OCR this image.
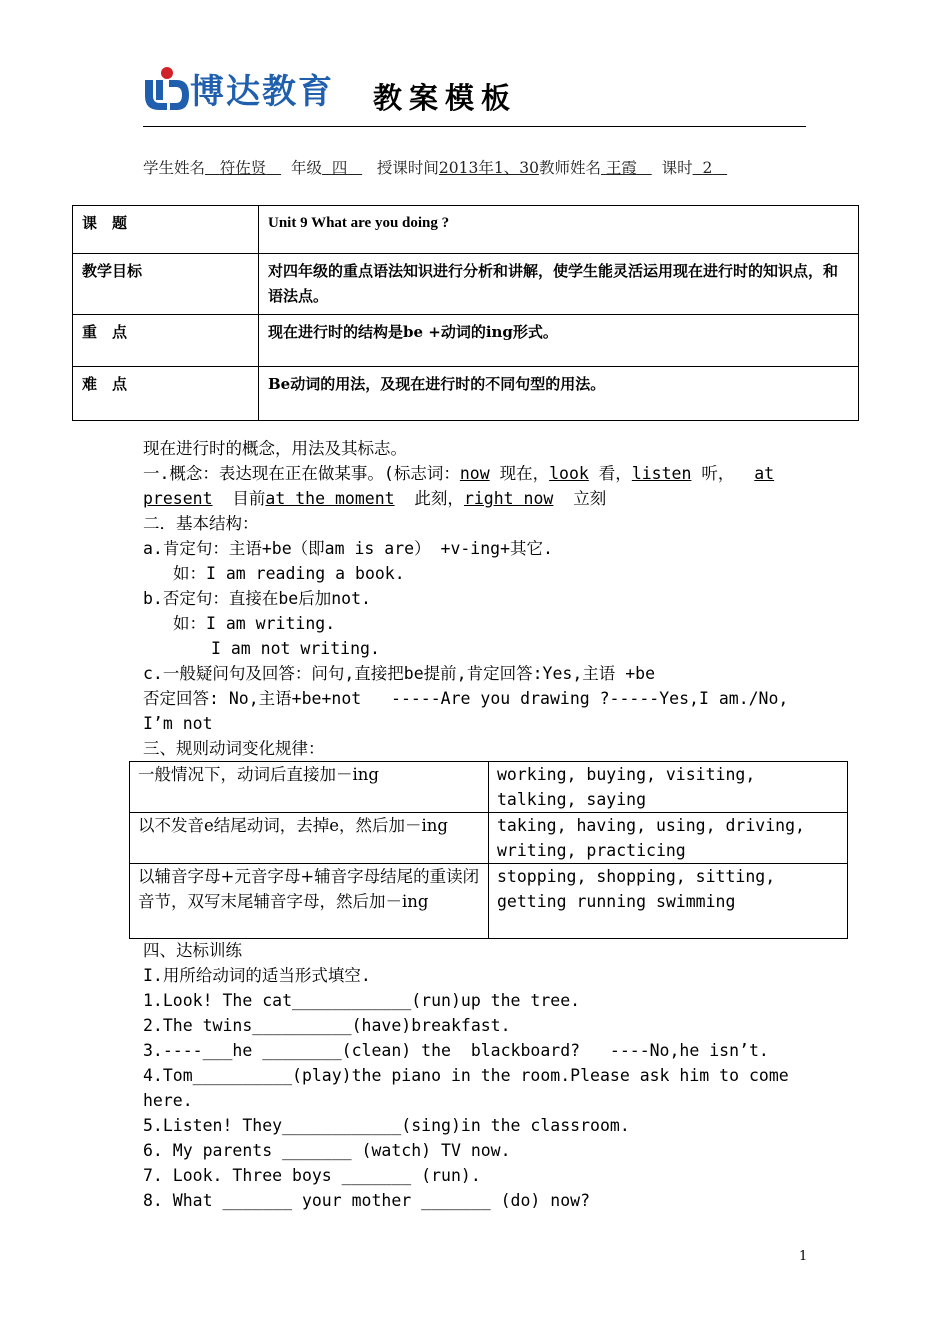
博达教育 教案模板
学生姓名 符佐贤 年级 四 授课时间2013年1、30教师姓名 王霞 课时 2
课　题	Unit 9 What are you doing ?
教学目标	对四年级的重点语法知识进行分析和讲解，使学生能灵活运用现在进行时的知识点，和语法点。
重　点	现在进行时的结构是be +动词的ing形式。
难　点	Be动词的用法，及现在进行时的不同句型的用法。
现在进行时的概念，用法及其标志。
一.概念：表达现在正在做某事。(标志词：now 现在，look 看，listen 听，  at
present  目前at the moment  此刻，right now  立刻
二．基本结构：
a.肯定句：主语+be（即am is are） +v-ing+其它.
如：I am reading a book.
b.否定句：直接在be后加not.
如：I am writing.
I am not writing.
c.一般疑问句及回答：问句,直接把be提前,肯定回答:Yes,主语 +be
否定回答: No,主语+be+not   -----Are you drawing ?-----Yes,I am./No,
I’m not
三、规则动词变化规律：
一般情况下，动词后直接加－ing	working, buying, visiting, talking, saying
以不发音e结尾动词，去掉e，然后加－ing	taking, having, using, driving, writing, practicing
以辅音字母+元音字母+辅音字母结尾的重读闭音节，双写末尾辅音字母，然后加－ing	stopping, shopping, sitting, getting running swimming
四、达标训练
I.用所给动词的适当形式填空.
1.Look! The cat____________(run)up the tree.
2.The twins__________(have)breakfast.
3.----___he ________(clean) the  blackboard?   ----No,he isn’t.
4.Tom__________(play)the piano in the room.Please ask him to come
here.
5.Listen! They____________(sing)in the classroom.
6. My parents _______ (watch) TV now.
7. Look. Three boys _______ (run).
8. What _______ your mother _______ (do) now?
1
